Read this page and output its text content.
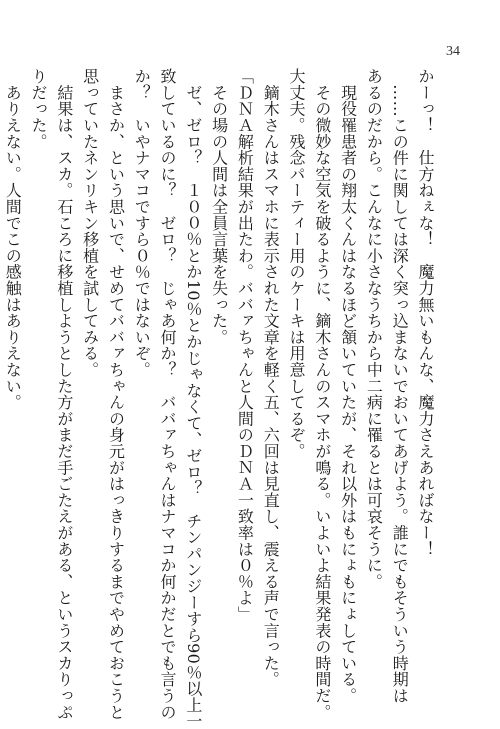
34
かーっ！　仕方ねぇな！　魔力無いもんな、魔力さえあればなー！
　……この件に関しては深く突っ込まないでおいてあげよう。誰にでもそういう時期は
あるのだから。こんなに小さなうちから中二病に罹るとは可哀そうに。
　現役罹患者の翔太くんはなるほど頷いていたが、それ以外はもにょもにょしている。
　その微妙な空気を破るように、鏑木さんのスマホが鳴る。いよいよ結果発表の時間だ。
大丈夫。残念パーティー用のケーキは用意してるぞ。
　鏑木さんはスマホに表示された文章を軽く五、六回は見直し、震える声で言った。
「ＤＮＡ解析結果が出たわ。ババァちゃんと人間のＤＮＡ一致率は０％よ」
　その場の人間は全員言葉を失った。
　ゼ、ゼロ？　１００％とか10％とかじゃなくて、ゼロ？　チンパンジーすら90％以上一
致しているのに？　ゼロ？　じゃあ何か？　ババァちゃんはナマコか何かだとでも言うの
か？　いやナマコですら０％ではないぞ。
　まさか、という思いで、せめてババァちゃんの身元がはっきりするまでやめておこうと
思っていたネンリキン移植を試してみる。
　結果は、スカ。石ころに移植しようとした方がまだ手ごたえがある、というスカりっぷ
りだった。
　ありえない。人間でこの感触はありえない。
